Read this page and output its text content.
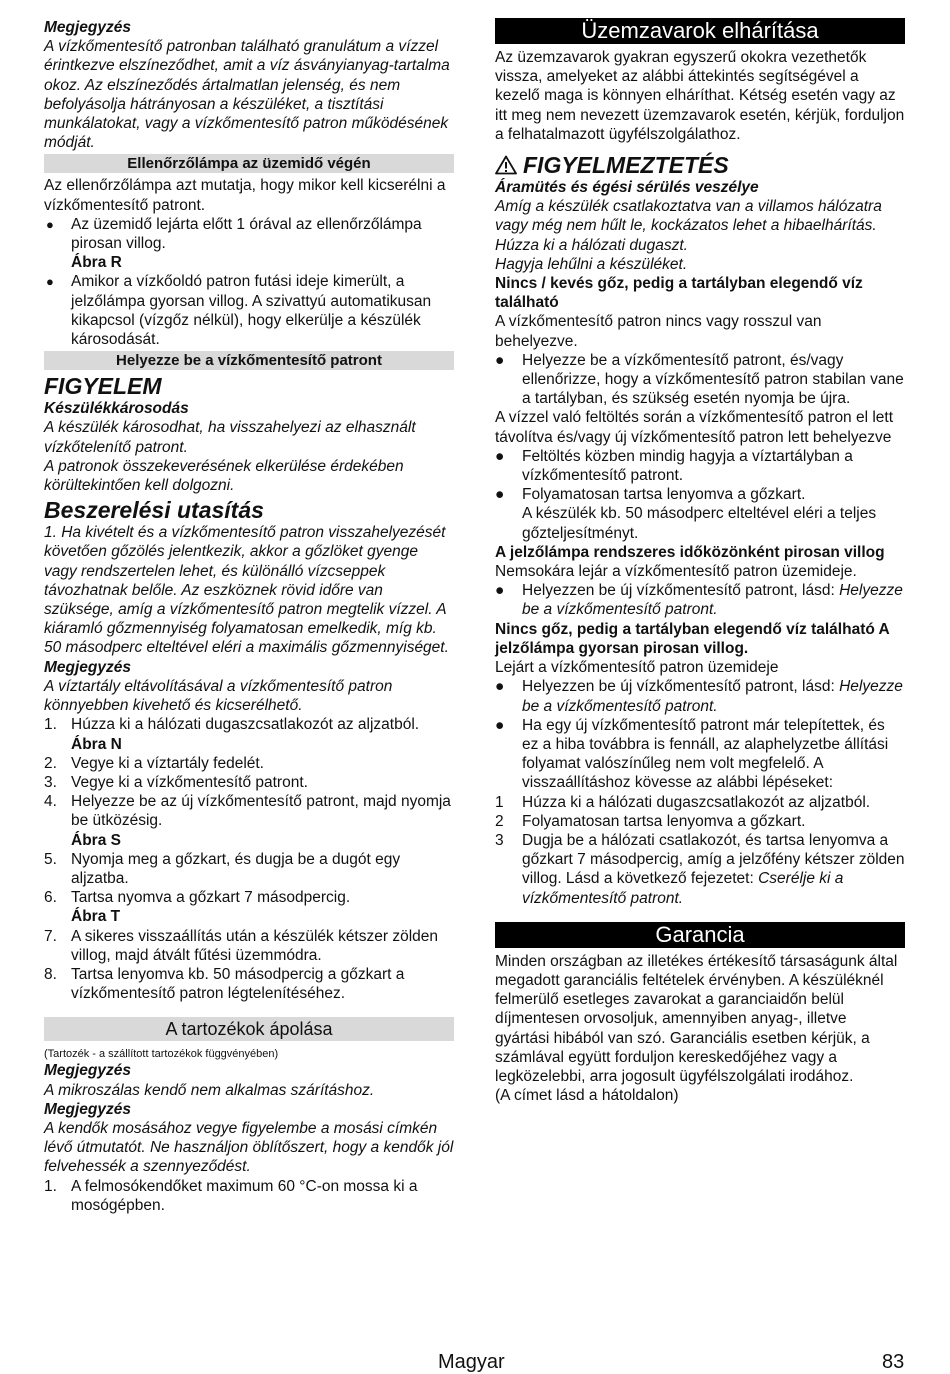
Megjegyzés

A vízkőmentesítő patronban található granulátum a vízzel érintkezve elszíneződhet, amit a víz ásványianyag-tartalma okoz. Az elszíneződés ártalmatlan jelenség, és nem befolyásolja hátrányosan a készüléket, a tisztítási munkálatokat, vagy a vízkőmentesítő patron működésének módját.

Ellenőrzőlámpa az üzemidő végén

Az ellenőrzőlámpa azt mutatja, hogy mikor kell kicserélni a vízkőmentesítő patront.

● Az üzemidő lejárta előtt 1 órával az ellenőrzőlámpa pirosan villog.
Ábra R
● Amikor a vízkőoldó patron futási ideje kimerült, a jelzőlámpa gyorsan villog. A szivattyú automatikusan kikapcsol (vízgőz nélkül), hogy elkerülje a készülék károsodását.
Helyezze be a vízkőmentesítő patront
FIGYELEM

Készülékkárosodás

A készülék károsodhat, ha visszahelyezi az elhasznált vízkőtelenítő patront.

A patronok összekeverésének elkerülése érdekében körültekintően kell dolgozni.

Beszerelési utasítás

1. Ha kivételt és a vízkőmentesítő patron visszahelyezését követően gőzölés jelentkezik, akkor a gőzlöket gyenge vagy rendszertelen lehet, és különálló vízcseppek távozhatnak belőle. Az eszköznek rövid időre van szüksége, amíg a vízkőmentesítő patron megtelik vízzel. A kiáramló gőzmennyiség folyamatosan emelkedik, míg kb. 50 másodperc elteltével eléri a maximális gőzmennyiséget.

Megjegyzés

A víztartály eltávolításával a vízkőmentesítő patron könnyebben kivehető és kicserélhető.

1. Húzza ki a hálózati dugaszcsatlakozót az aljzatból.
Ábra N
2. Vegye ki a víztartály fedelét.
3. Vegye ki a vízkőmentesítő patront.
4. Helyezze be az új vízkőmentesítő patront, majd nyomja be ütközésig.
Ábra S
5. Nyomja meg a gőzkart, és dugja be a dugót egy aljzatba.
6. Tartsa nyomva a gőzkart 7 másodpercig.
Ábra T
7. A sikeres visszaállítás után a készülék kétszer zölden villog, majd átvált fűtési üzemmódra.
8. Tartsa lenyomva kb. 50 másodpercig a gőzkart a vízkőmentesítő patron légtelenítéséhez.
A tartozékok ápolása

(Tartozék - a szállított tartozékok függvényében)

Megjegyzés

A mikroszálas kendő nem alkalmas szárításhoz.

Megjegyzés

A kendők mosásához vegye figyelembe a mosási címkén lévő útmutatót. Ne használjon öblítőszert, hogy a kendők jól felvehessék a szennyeződést.

1. A felmosókendőket maximum 60 °C-on mossa ki a mosógépben.
Üzemzavarok elhárítása

Az üzemzavarok gyakran egyszerű okokra vezethetők vissza, amelyeket az alábbi áttekintés segítségével a kezelő maga is könnyen elháríthat. Kétség esetén vagy az itt meg nem nevezett üzemzavarok esetén, kérjük, forduljon a felhatalmazott ügyfélszolgálathoz.

FIGYELMEZTETÉS

Áramütés és égési sérülés veszélye

Amíg a készülék csatlakoztatva van a villamos hálózatra vagy még nem hűlt le, kockázatos lehet a hibaelhárítás.

Húzza ki a hálózati dugaszt.

Hagyja lehűlni a készüléket.

Nincs / kevés gőz, pedig a tartályban elegendő víz található

A vízkőmentesítő patron nincs vagy rosszul van behelyezve.

● Helyezze be a vízkőmentesítő patront, és/vagy ellenőrizze, hogy a vízkőmentesítő patron stabilan vane a tartályban, és szükség esetén nyomja be újra.

A vízzel való feltöltés során a vízkőmentesítő patron el lett távolítva és/vagy új vízkőmentesítő patron lett behelyezve

● Feltöltés közben mindig hagyja a víztartályban a vízkőmentesítő patront.
● Folyamatosan tartsa lenyomva a gőzkart.
A készülék kb. 50 másodperc elteltével eléri a teljes gőzteljesítményt.

A jelzőlámpa rendszeres időközönként pirosan villog

Nemsokára lejár a vízkőmentesítő patron üzemideje.

● Helyezzen be új vízkőmentesítő patront, lásd: Helyezze be a vízkőmentesítő patront.

Nincs gőz, pedig a tartályban elegendő víz található A jelzőlámpa gyorsan pirosan villog.

Lejárt a vízkőmentesítő patron üzemideje

● Helyezzen be új vízkőmentesítő patront, lásd: Helyezze be a vízkőmentesítő patront.
● Ha egy új vízkőmentesítő patront már telepítettek, és ez a hiba továbbra is fennáll, az alaphelyzetbe állítási folyamat valószínűleg nem volt megfelelő. A visszaállításhoz kövesse az alábbi lépéseket:
1 Húzza ki a hálózati dugaszcsatlakozót az aljzatból.
2 Folyamatosan tartsa lenyomva a gőzkart.
3 Dugja be a hálózati csatlakozót, és tartsa lenyomva a gőzkart 7 másodpercig, amíg a jelzőfény kétszer zölden villog. Lásd a következő fejezetet: Cserélje ki a vízkőmentesítő patront.
Garancia

Minden országban az illetékes értékesítő társaságunk által megadott garanciális feltételek érvényben. A készüléknél felmerülő esetleges zavarokat a garanciaidőn belül díjmentesen orvosoljuk, amennyiben anyag-, illetve gyártási hibából van szó. Garanciális esetben kérjük, a számlával együtt forduljon kereskedőjéhez vagy a legközelebbi, arra jogosult ügyfélszolgálati irodához.

(A címet lásd a hátoldalon)

Magyar	83
